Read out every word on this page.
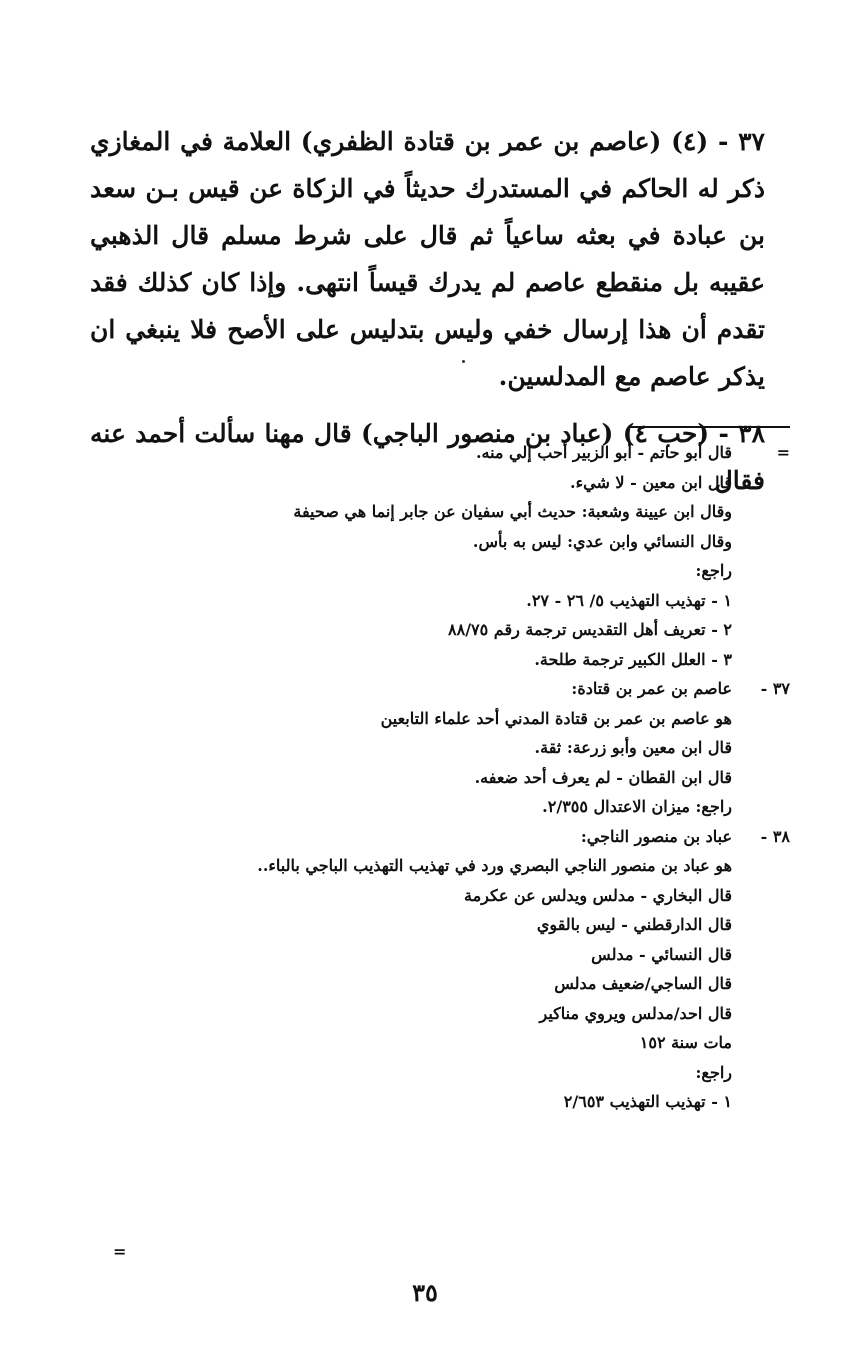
٣٧ - (٤) (عاصم بن عمر بن قتادة الظفري) العلامة في المغازي ذكر له الحاكم في المستدرك حديثاً في الزكاة عن قيس بـن سعد بن عبادة في بعثه ساعياً ثم قال على شرط مسلم قال الذهبي عقيبه بل منقطع عاصم لم يدرك قيساً انتهى. وإذا كان كذلك فقد تقدم أن هذا إرسال خفي وليس بتدليس على الأصح فلا ينبغي ان يذكر عاصم مع المدلسين.

٣٨ - (حب ٤) (عباد بن منصور الباجي) قال مهنا سألت أحمد عنه فقال

=
قال أبو حاتم - أبو الزبير أحب إلي منه.
قال ابن معين - لا شيء.
وقال ابن عيينة وشعبة: حديث أبي سفيان عن جابر إنما هي صحيفة
وقال النسائي وابن عدي: ليس به بأس.
راجع:
١ - تهذيب التهذيب ٥/ ٢٦ - ٢٧.
٢ - تعريف أهل التقديس ترجمة رقم ٨٨/٧٥
٣ - العلل الكبير ترجمة طلحة.
٣٧ -
عاصم بن عمر بن قتادة:
هو عاصم بن عمر بن قتادة المدني أحد علماء التابعين
قال ابن معين وأبو زرعة: ثقة.
قال ابن القطان - لم يعرف أحد ضعفه.
راجع: ميزان الاعتدال ٢/٣٥٥.
٣٨ -
عباد بن منصور الناجي:
هو عباد بن منصور الناجي البصري ورد في تهذيب التهذيب الباجي بالباء..
قال البخاري - مدلس ويدلس عن عكرمة
قال الدارقطني - ليس بالقوي
قال النسائي - مدلس
قال الساجي/ضعيف مدلس
قال احد/مدلس ويروي مناكير
مات سنة ١٥٢
راجع:
١ - تهذيب التهذيب ٢/٦٥٣
=
٣٥
